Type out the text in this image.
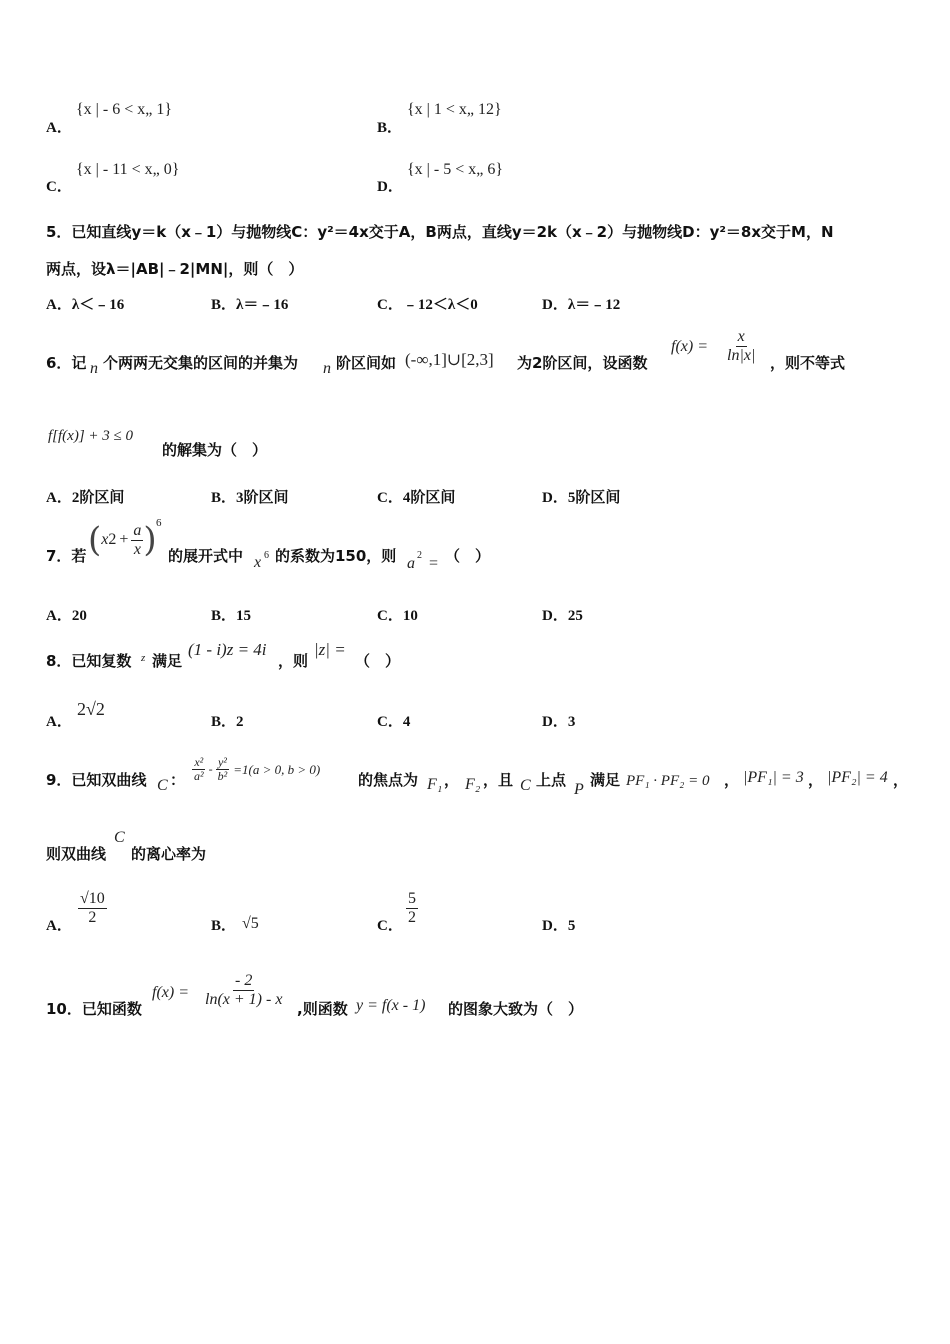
A．
{x | - 6 < x„ 1}
B．
{x | 1 < x„ 12}
C．
{x | - 11 < x„ 0}
D．
{x | - 5 < x„ 6}
5．已知直线y＝k（x﹣1）与抛物线C：y²＝4x交于A，B两点，直线y＝2k（x﹣2）与抛物线D：y²＝8x交于M，N
两点，设λ＝|AB|﹣2|MN|，则（　）
A．λ＜﹣16	B．λ＝﹣16	C．﹣12＜λ＜0	D．λ＝﹣12
6．记 n 个两两无交集的区间的并集为 n 阶区间如 (-∞,1]∪[2,3] 为2阶区间，设函数
$f(x) = \frac{x}{\ln|x|}$ ，则不等式
f[f(x)] + 3 ≤ 0
的解集为（　）
A．2阶区间	B．3阶区间	C．4阶区间	D．5阶区间
7．若 ( x $2 + \frac{a}{x}$ ) 6
的展开式中 x 6 的系数为150，则 a 2 = （　）
A．20	B．15	C．10	D．25
8．已知复数 z 满足
(1 - i)z = 4i
，则
|z| =
（　）
A．
2√2
B．2	C．4	D．3
9．已知双曲线 C ： $\frac{\text{x²}}{\text{a²}} - \frac{\text{y²}}{\text{b²}} =1(a > 0$, b > 0)
的焦点为 F₁ ， F₂ ，且 C 上点
P
满足 PF₁ · PF₂ = 0 ， |PF₁| = 3 ， |PF₂| = 4 ，
则双曲线
C
的离心率为
A． $\frac{√10}{2}$	B． √5	C． $\frac{5}{2}$	D．5
10．已知函数
$f(x) = \frac{- 2}{\ln(x + 1) - x}$
,则函数 y = f(x - 1) 的图象大致为（　）
